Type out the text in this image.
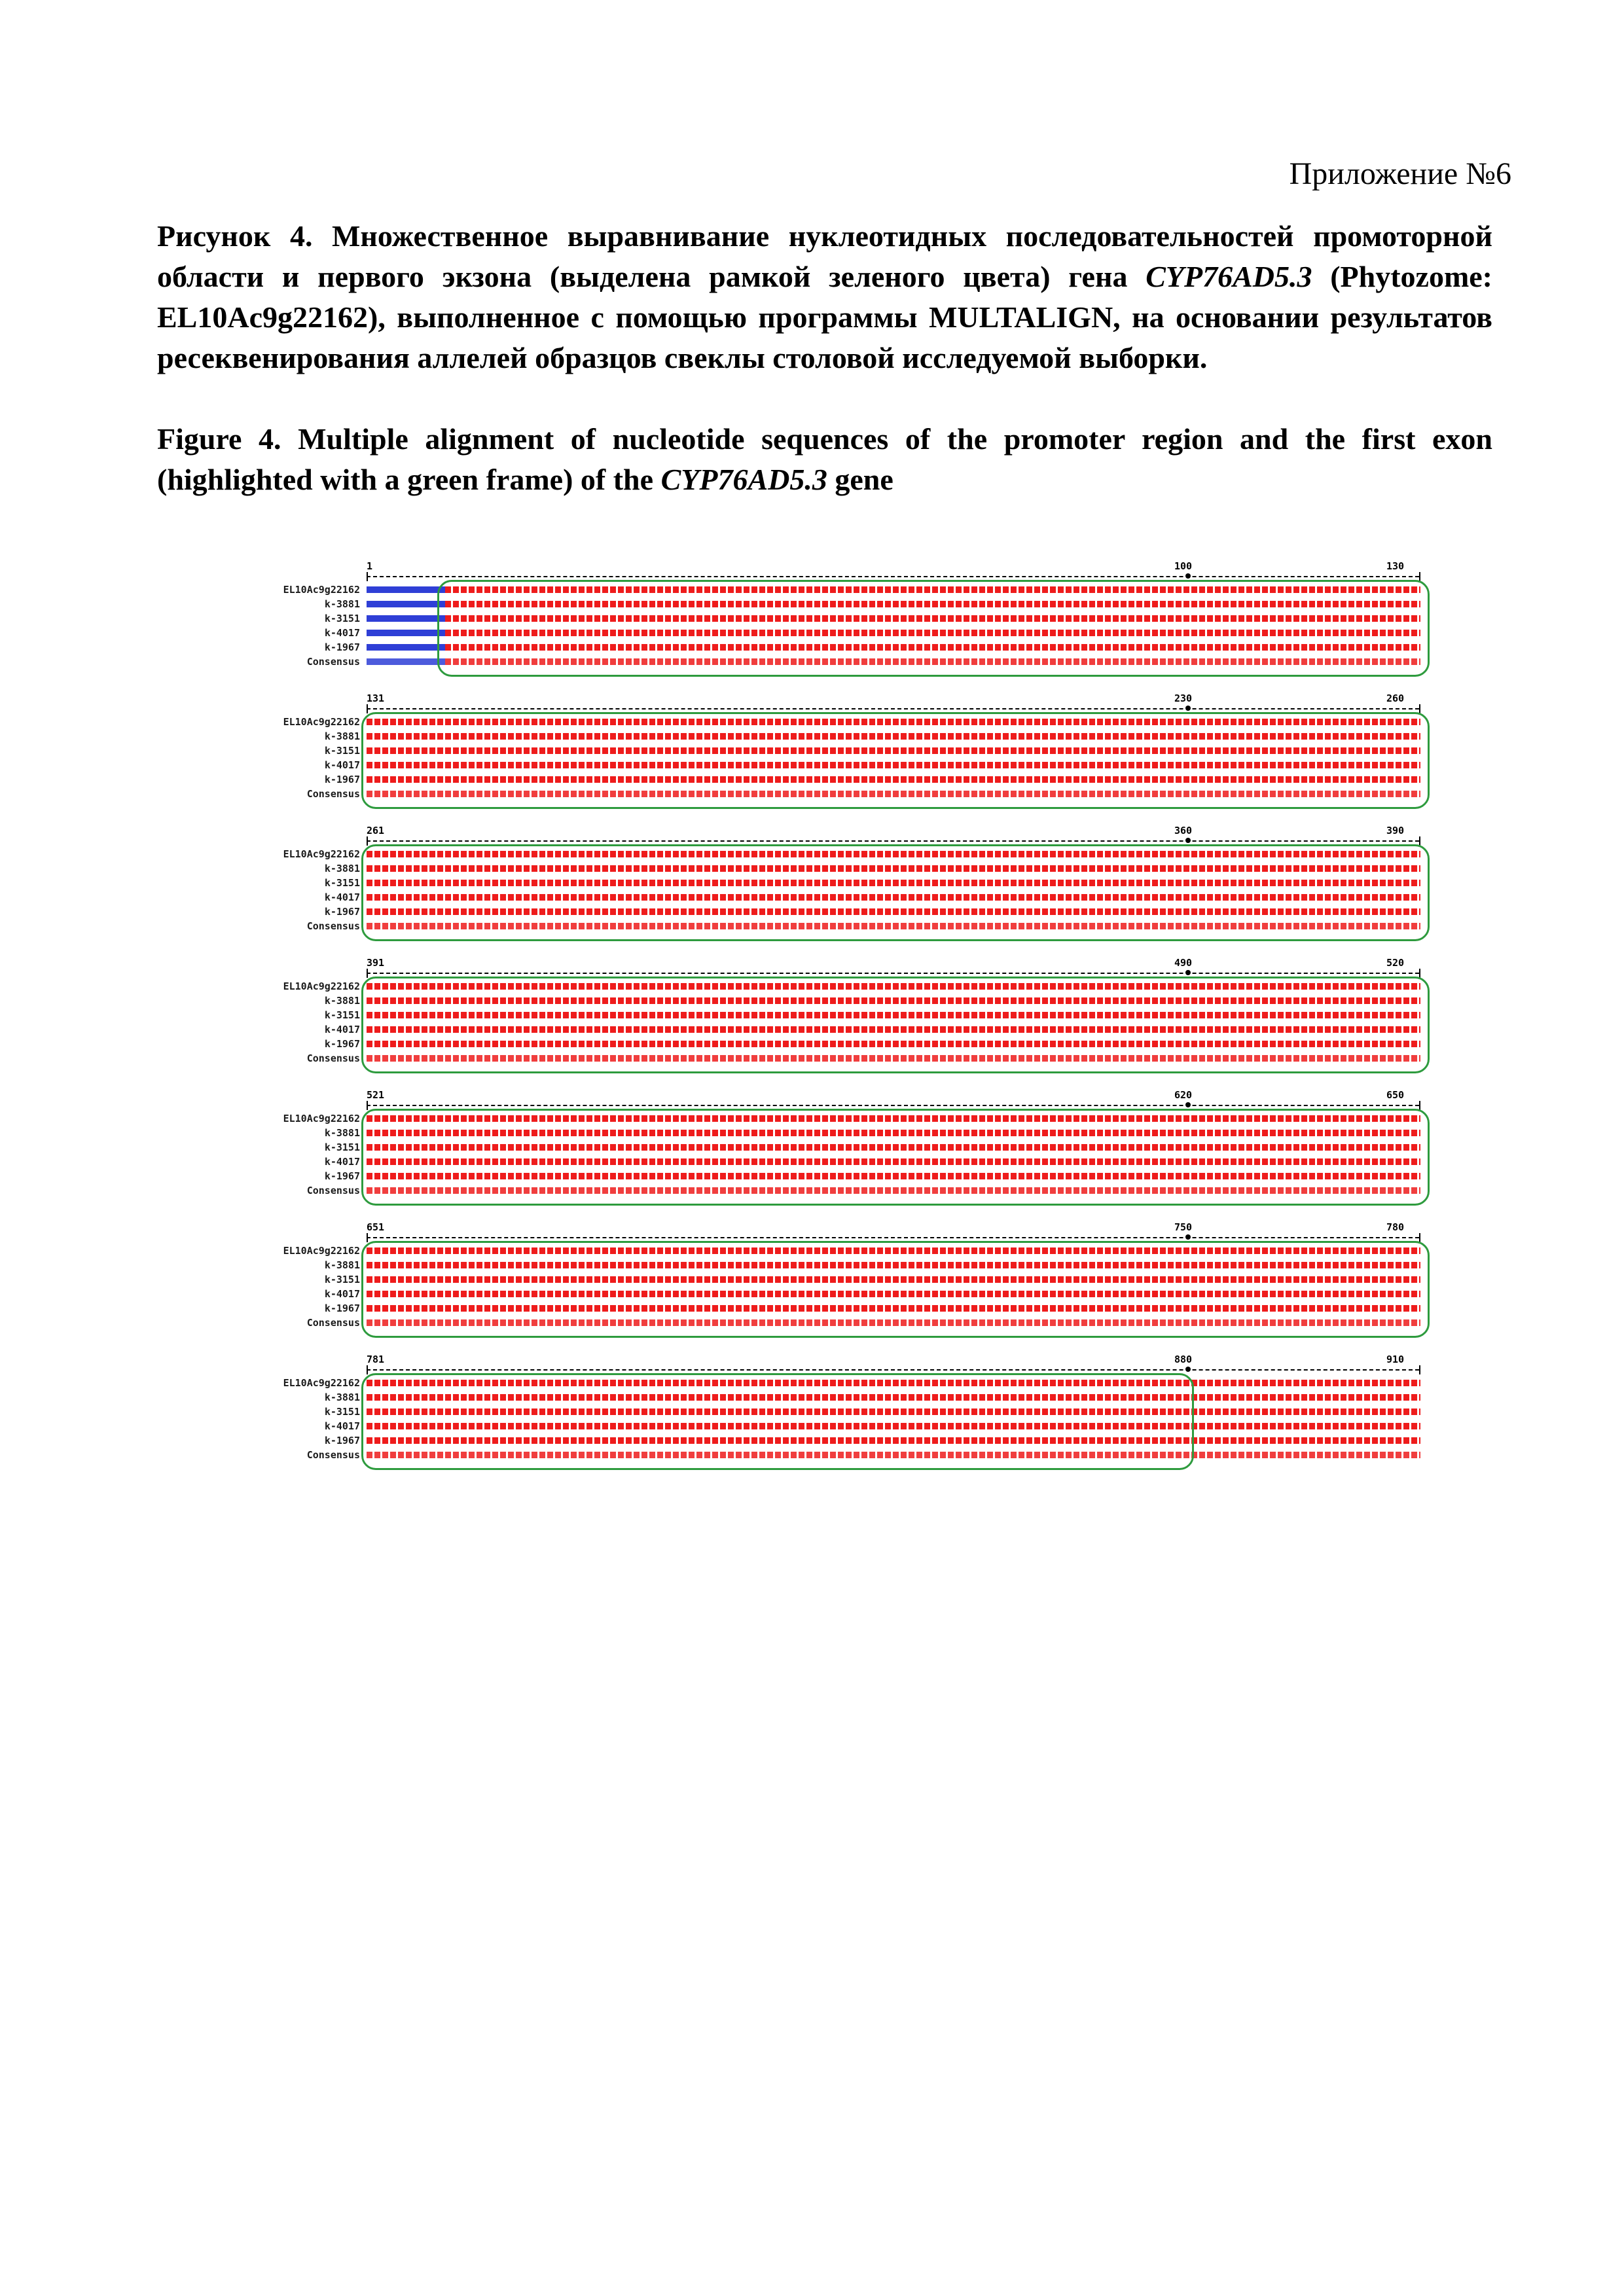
Приложение №6
Рисунок 4. Множественное выравнивание нуклеотидных последовательностей промоторной области и первого экзона (выделена рамкой зеленого цвета) гена CYP76AD5.3 (Phytozome: EL10Ac9g22162), выполненное с помощью программы MULTALIGN, на основании результатов ресеквенирования аллелей образцов свеклы столовой исследуемой выборки.
Figure 4. Multiple alignment of nucleotide sequences of the promoter region and the first exon (highlighted with a green frame) of the CYP76AD5.3 gene
1	100	130
EL10Ac9g22162
k-3881
k-3151
k-4017
k-1967
Consensus
131	230	260
EL10Ac9g22162
k-3881
k-3151
k-4017
k-1967
Consensus
261	360	390
EL10Ac9g22162
k-3881
k-3151
k-4017
k-1967
Consensus
391	490	520
EL10Ac9g22162
k-3881
k-3151
k-4017
k-1967
Consensus
521	620	650
EL10Ac9g22162
k-3881
k-3151
k-4017
k-1967
Consensus
651	750	780
EL10Ac9g22162
k-3881
k-3151
k-4017
k-1967
Consensus
781	880	910
EL10Ac9g22162
k-3881
k-3151
k-4017
k-1967
Consensus
